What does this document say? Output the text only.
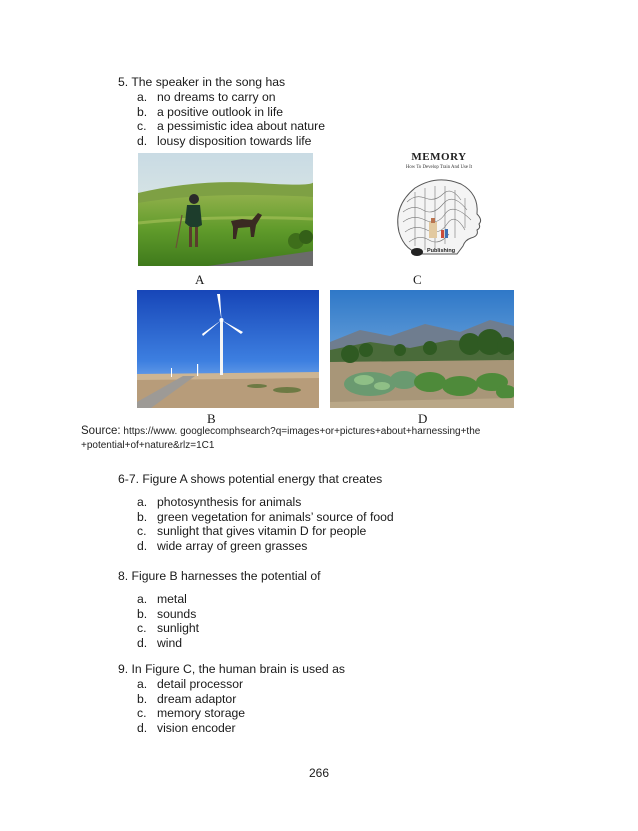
5. The speaker in the song has
a. no dreams to carry on
b. a positive outlook in life
c. a pessimistic idea about nature
d. lousy disposition towards life
MEMORY
How To Develop Train And Use It
Publishing
A	C
B	D
Source: https://www. googlecomphsearch?q=images+or+pictures+about+harnessing+the
+potential+of+nature&rlz=1C1
6-7. Figure A shows potential energy that creates
a. photosynthesis for animals
b. green vegetation for animals’ source of food
c. sunlight that gives vitamin D for people
d. wide array of green grasses
8. Figure B harnesses the potential of
a. metal
b. sounds
c. sunlight
d. wind
9. In Figure C, the human brain is used as
a. detail processor
b. dream adaptor
c. memory storage
d. vision encoder
266
